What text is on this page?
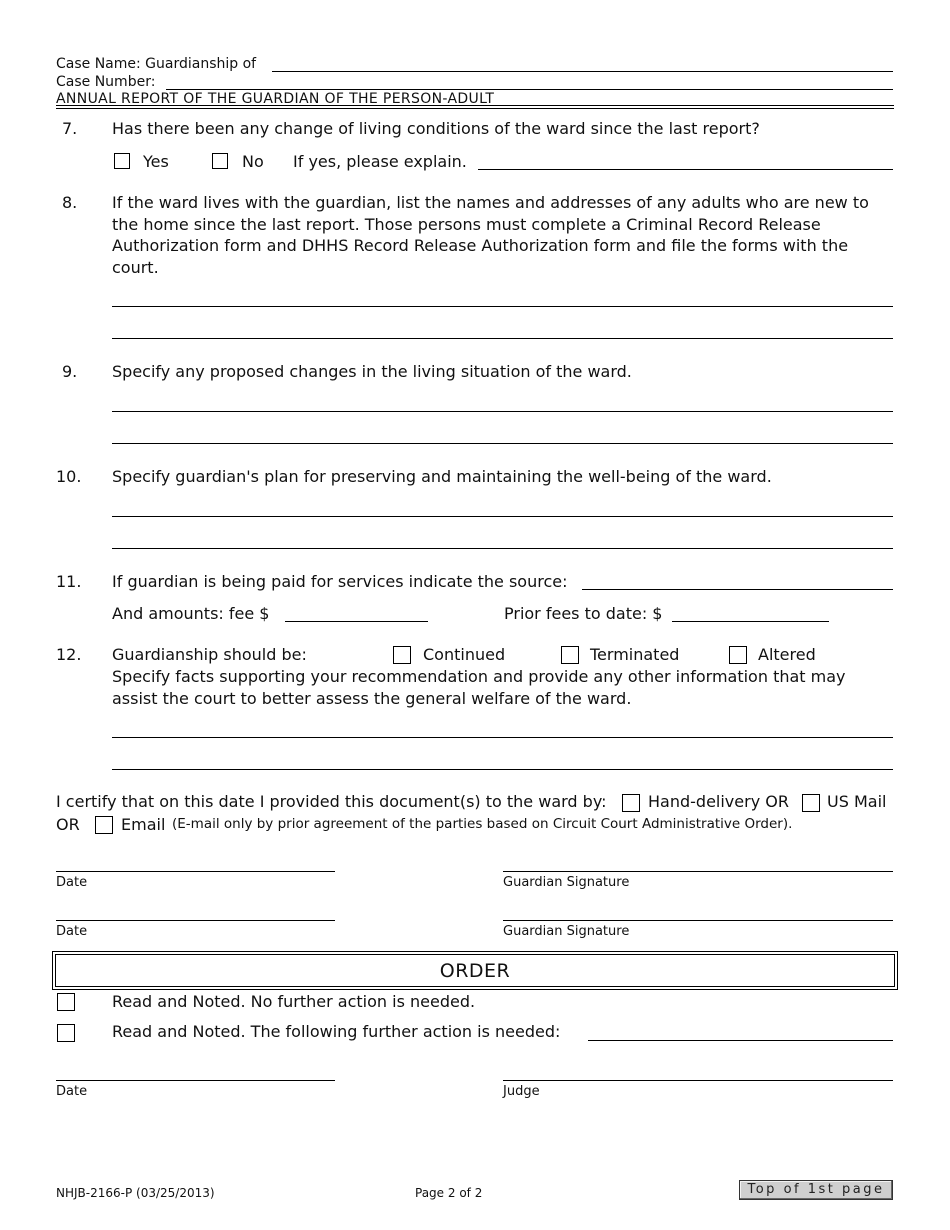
Case Name: Guardianship of
Case Number:
ANNUAL REPORT OF THE GUARDIAN OF THE PERSON-ADULT
7. Has there been any change of living conditions of the ward since the last report?
Yes	No If yes, please explain.
8. If the ward lives with the guardian, list the names and addresses of any adults who are new to the home since the last report. Those persons must complete a Criminal Record Release Authorization form and DHHS Record Release Authorization form and file the forms with the court.
9. Specify any proposed changes in the living situation of the ward.
10. Specify guardian's plan for preserving and maintaining the well-being of the ward.
11. If guardian is being paid for services indicate the source:
And amounts: fee $	Prior fees to date: $
12. Guardianship should be:	Continued	Terminated	Altered
Specify facts supporting your recommendation and provide any other information that may assist the court to better assess the general welfare of the ward.
I certify that on this date I provided this document(s) to the ward by:	Hand-delivery OR US Mail
OR	Email (E-mail only by prior agreement of the parties based on Circuit Court Administrative Order).
Date	Guardian Signature
Date	Guardian Signature
ORDER
Read and Noted. No further action is needed.
Read and Noted. The following further action is needed:
Date	Judge
NHJB-2166-P (03/25/2013)	Page 2 of 2	Top of 1st page
